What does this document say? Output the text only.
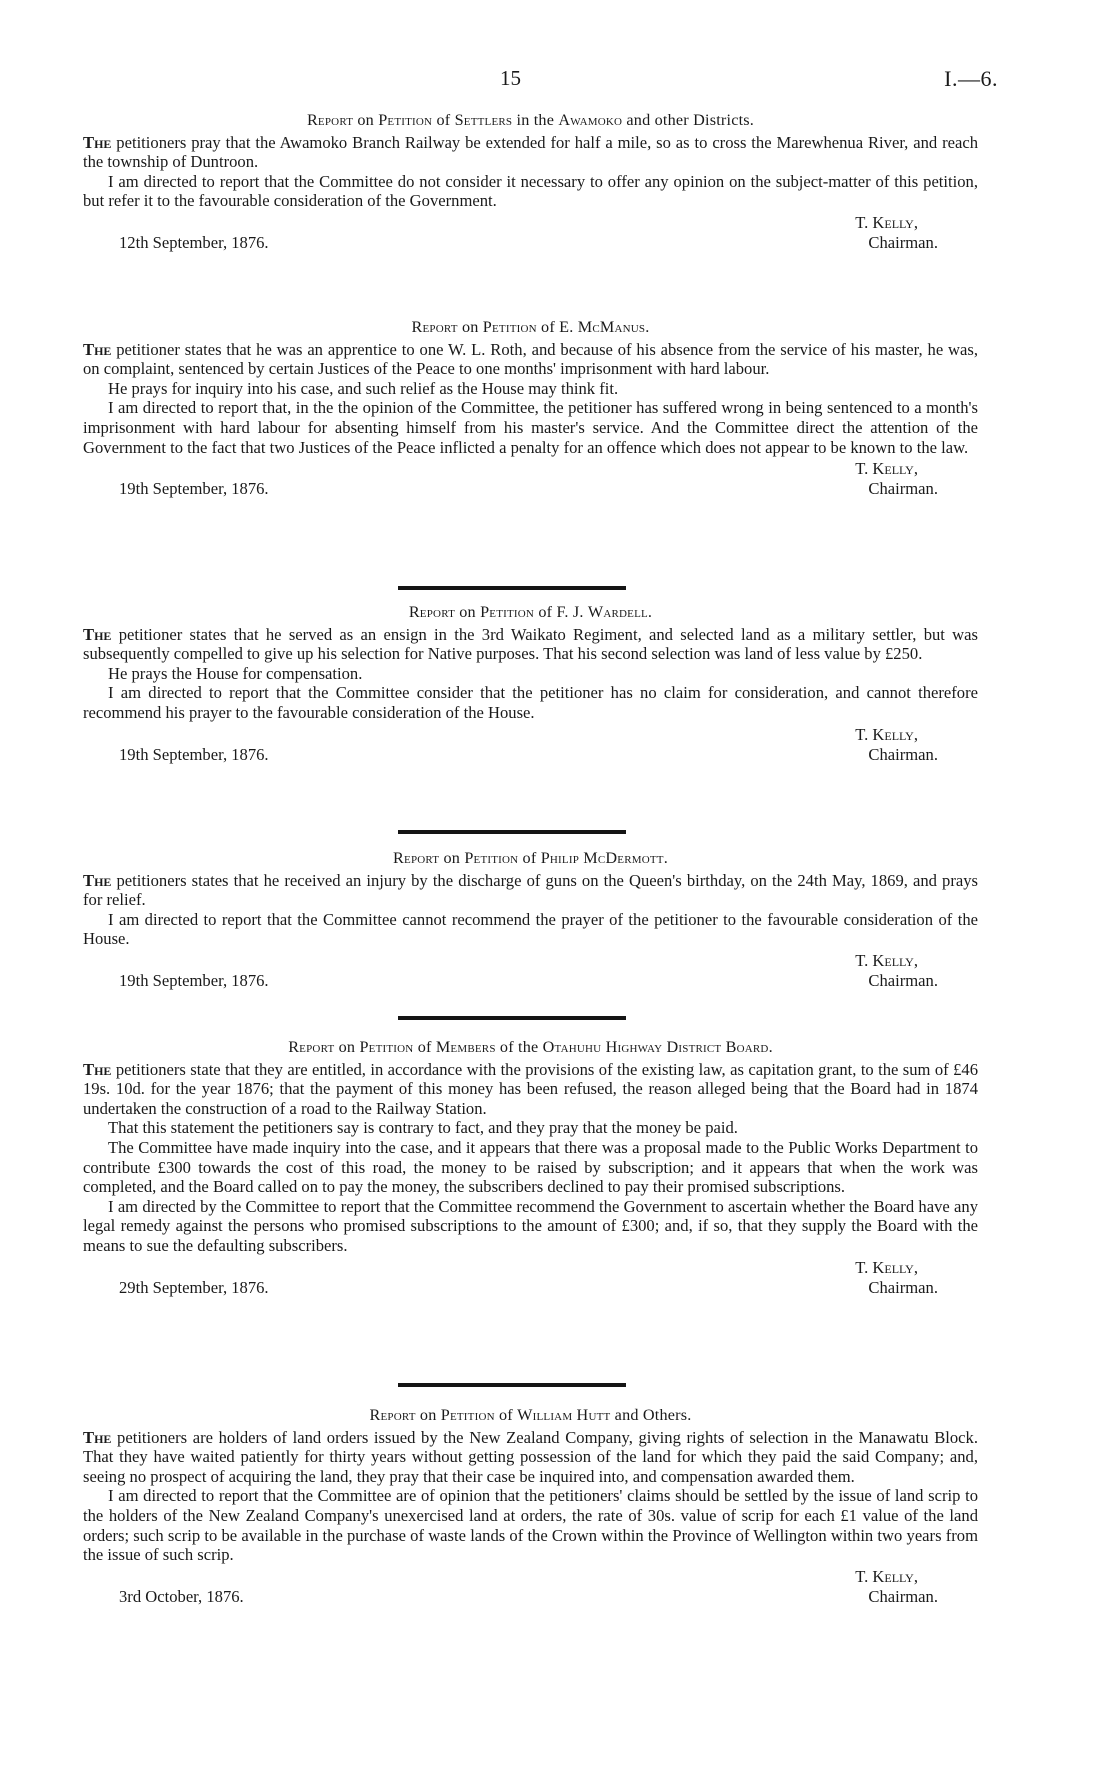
15	I.—6.
Report on Petition of Settlers in the Awamoko and other Districts.

The petitioners pray that the Awamoko Branch Railway be extended for half a mile, so as to cross the Marewhenua River, and reach the township of Duntroon.

I am directed to report that the Committee do not consider it necessary to offer any opinion on the subject-matter of this petition, but refer it to the favourable consideration of the Government.

T. Kelly,
Chairman.
12th September, 1876.
Report on Petition of E. McManus.

The petitioner states that he was an apprentice to one W. L. Roth, and because of his absence from the service of his master, he was, on complaint, sentenced by certain Justices of the Peace to one months' imprisonment with hard labour.

He prays for inquiry into his case, and such relief as the House may think fit.

I am directed to report that, in the the opinion of the Committee, the petitioner has suffered wrong in being sentenced to a month's imprisonment with hard labour for absenting himself from his master's service. And the Committee direct the attention of the Government to the fact that two Justices of the Peace inflicted a penalty for an offence which does not appear to be known to the law.

T. Kelly,
Chairman.
19th September, 1876.
Report on Petition of F. J. Wardell.

The petitioner states that he served as an ensign in the 3rd Waikato Regiment, and selected land as a military settler, but was subsequently compelled to give up his selection for Native purposes. That his second selection was land of less value by £250.

He prays the House for compensation.

I am directed to report that the Committee consider that the petitioner has no claim for consideration, and cannot therefore recommend his prayer to the favourable consideration of the House.

T. Kelly,
Chairman.
19th September, 1876.
Report on Petition of Philip McDermott.

The petitioners states that he received an injury by the discharge of guns on the Queen's birthday, on the 24th May, 1869, and prays for relief.

I am directed to report that the Committee cannot recommend the prayer of the petitioner to the favourable consideration of the House.

T. Kelly,
Chairman.
19th September, 1876.
Report on Petition of Members of the Otahuhu Highway District Board.

The petitioners state that they are entitled, in accordance with the provisions of the existing law, as capitation grant, to the sum of £46 19s. 10d. for the year 1876; that the payment of this money has been refused, the reason alleged being that the Board had in 1874 undertaken the construction of a road to the Railway Station.

That this statement the petitioners say is contrary to fact, and they pray that the money be paid.

The Committee have made inquiry into the case, and it appears that there was a proposal made to the Public Works Department to contribute £300 towards the cost of this road, the money to be raised by subscription; and it appears that when the work was completed, and the Board called on to pay the money, the subscribers declined to pay their promised subscriptions.

I am directed by the Committee to report that the Committee recommend the Government to ascertain whether the Board have any legal remedy against the persons who promised subscriptions to the amount of £300; and, if so, that they supply the Board with the means to sue the defaulting subscribers.

T. Kelly,
Chairman.
29th September, 1876.
Report on Petition of William Hutt and Others.

The petitioners are holders of land orders issued by the New Zealand Company, giving rights of selection in the Manawatu Block. That they have waited patiently for thirty years without getting possession of the land for which they paid the said Company; and, seeing no prospect of acquiring the land, they pray that their case be inquired into, and compensation awarded them.

I am directed to report that the Committee are of opinion that the petitioners' claims should be settled by the issue of land scrip to the holders of the New Zealand Company's unexercised land at orders, the rate of 30s. value of scrip for each £1 value of the land orders; such scrip to be available in the purchase of waste lands of the Crown within the Province of Wellington within two years from the issue of such scrip.

T. Kelly,
Chairman.
3rd October, 1876.
